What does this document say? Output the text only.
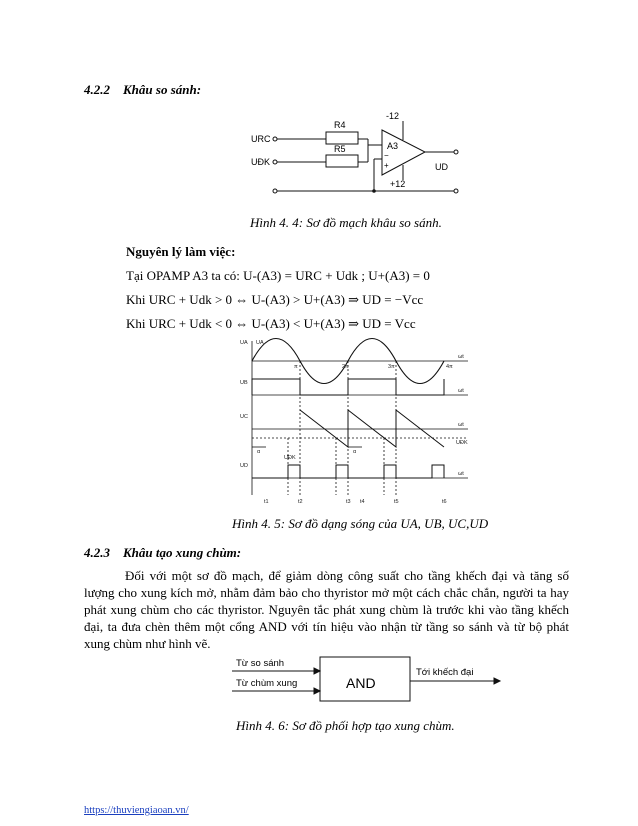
4.2.2 Khâu so sánh:
URC
UĐK
R4
R5	A3
-12
+12
−
+	UD
Hình 4. 4: Sơ đồ mạch khâu so sánh.
Nguyên lý làm việc:
Tại OPAMP A3 ta có: U-(A3) = URC + Udk ; U+(A3) = 0
Khi URC + Udk > 0 ⇔ U-(A3) > U+(A3) ⇒ UD = −Vcc
Khi URC + Udk < 0 ⇔ U-(A3) < U+(A3) ⇒ UD = Vcc
UA UA
UB
UC
UD
π	2π	3π	4π
ωt
ωt
ωt
ωt
UĐK
UĐK
α	α
t1	t2	t3 t4	t5	t6
Hình 4. 5: Sơ đồ dạng sóng của UA, UB, UC,UD
4.2.3 Khâu tạo xung chùm:

Đối với một sơ đồ mạch, để giảm dòng công suất cho tầng khếch đại và tăng số lượng cho xung kích mở, nhằm đảm bảo cho thyristor mở một cách chắc chắn, người ta hay phát xung chùm cho các thyristor. Nguyên tắc phát xung chùm là trước khi vào tầng khếch đại, ta đưa chèn thêm một cổng AND với tín hiệu vào nhận từ tầng so sánh và từ bộ phát xung chùm như hình vẽ.

Từ so sánh
Từ chùm xung	AND
Tới khếch đại
Hình 4. 6: Sơ đồ phối hợp tạo xung chùm.
https://thuviengiaoan.vn/
